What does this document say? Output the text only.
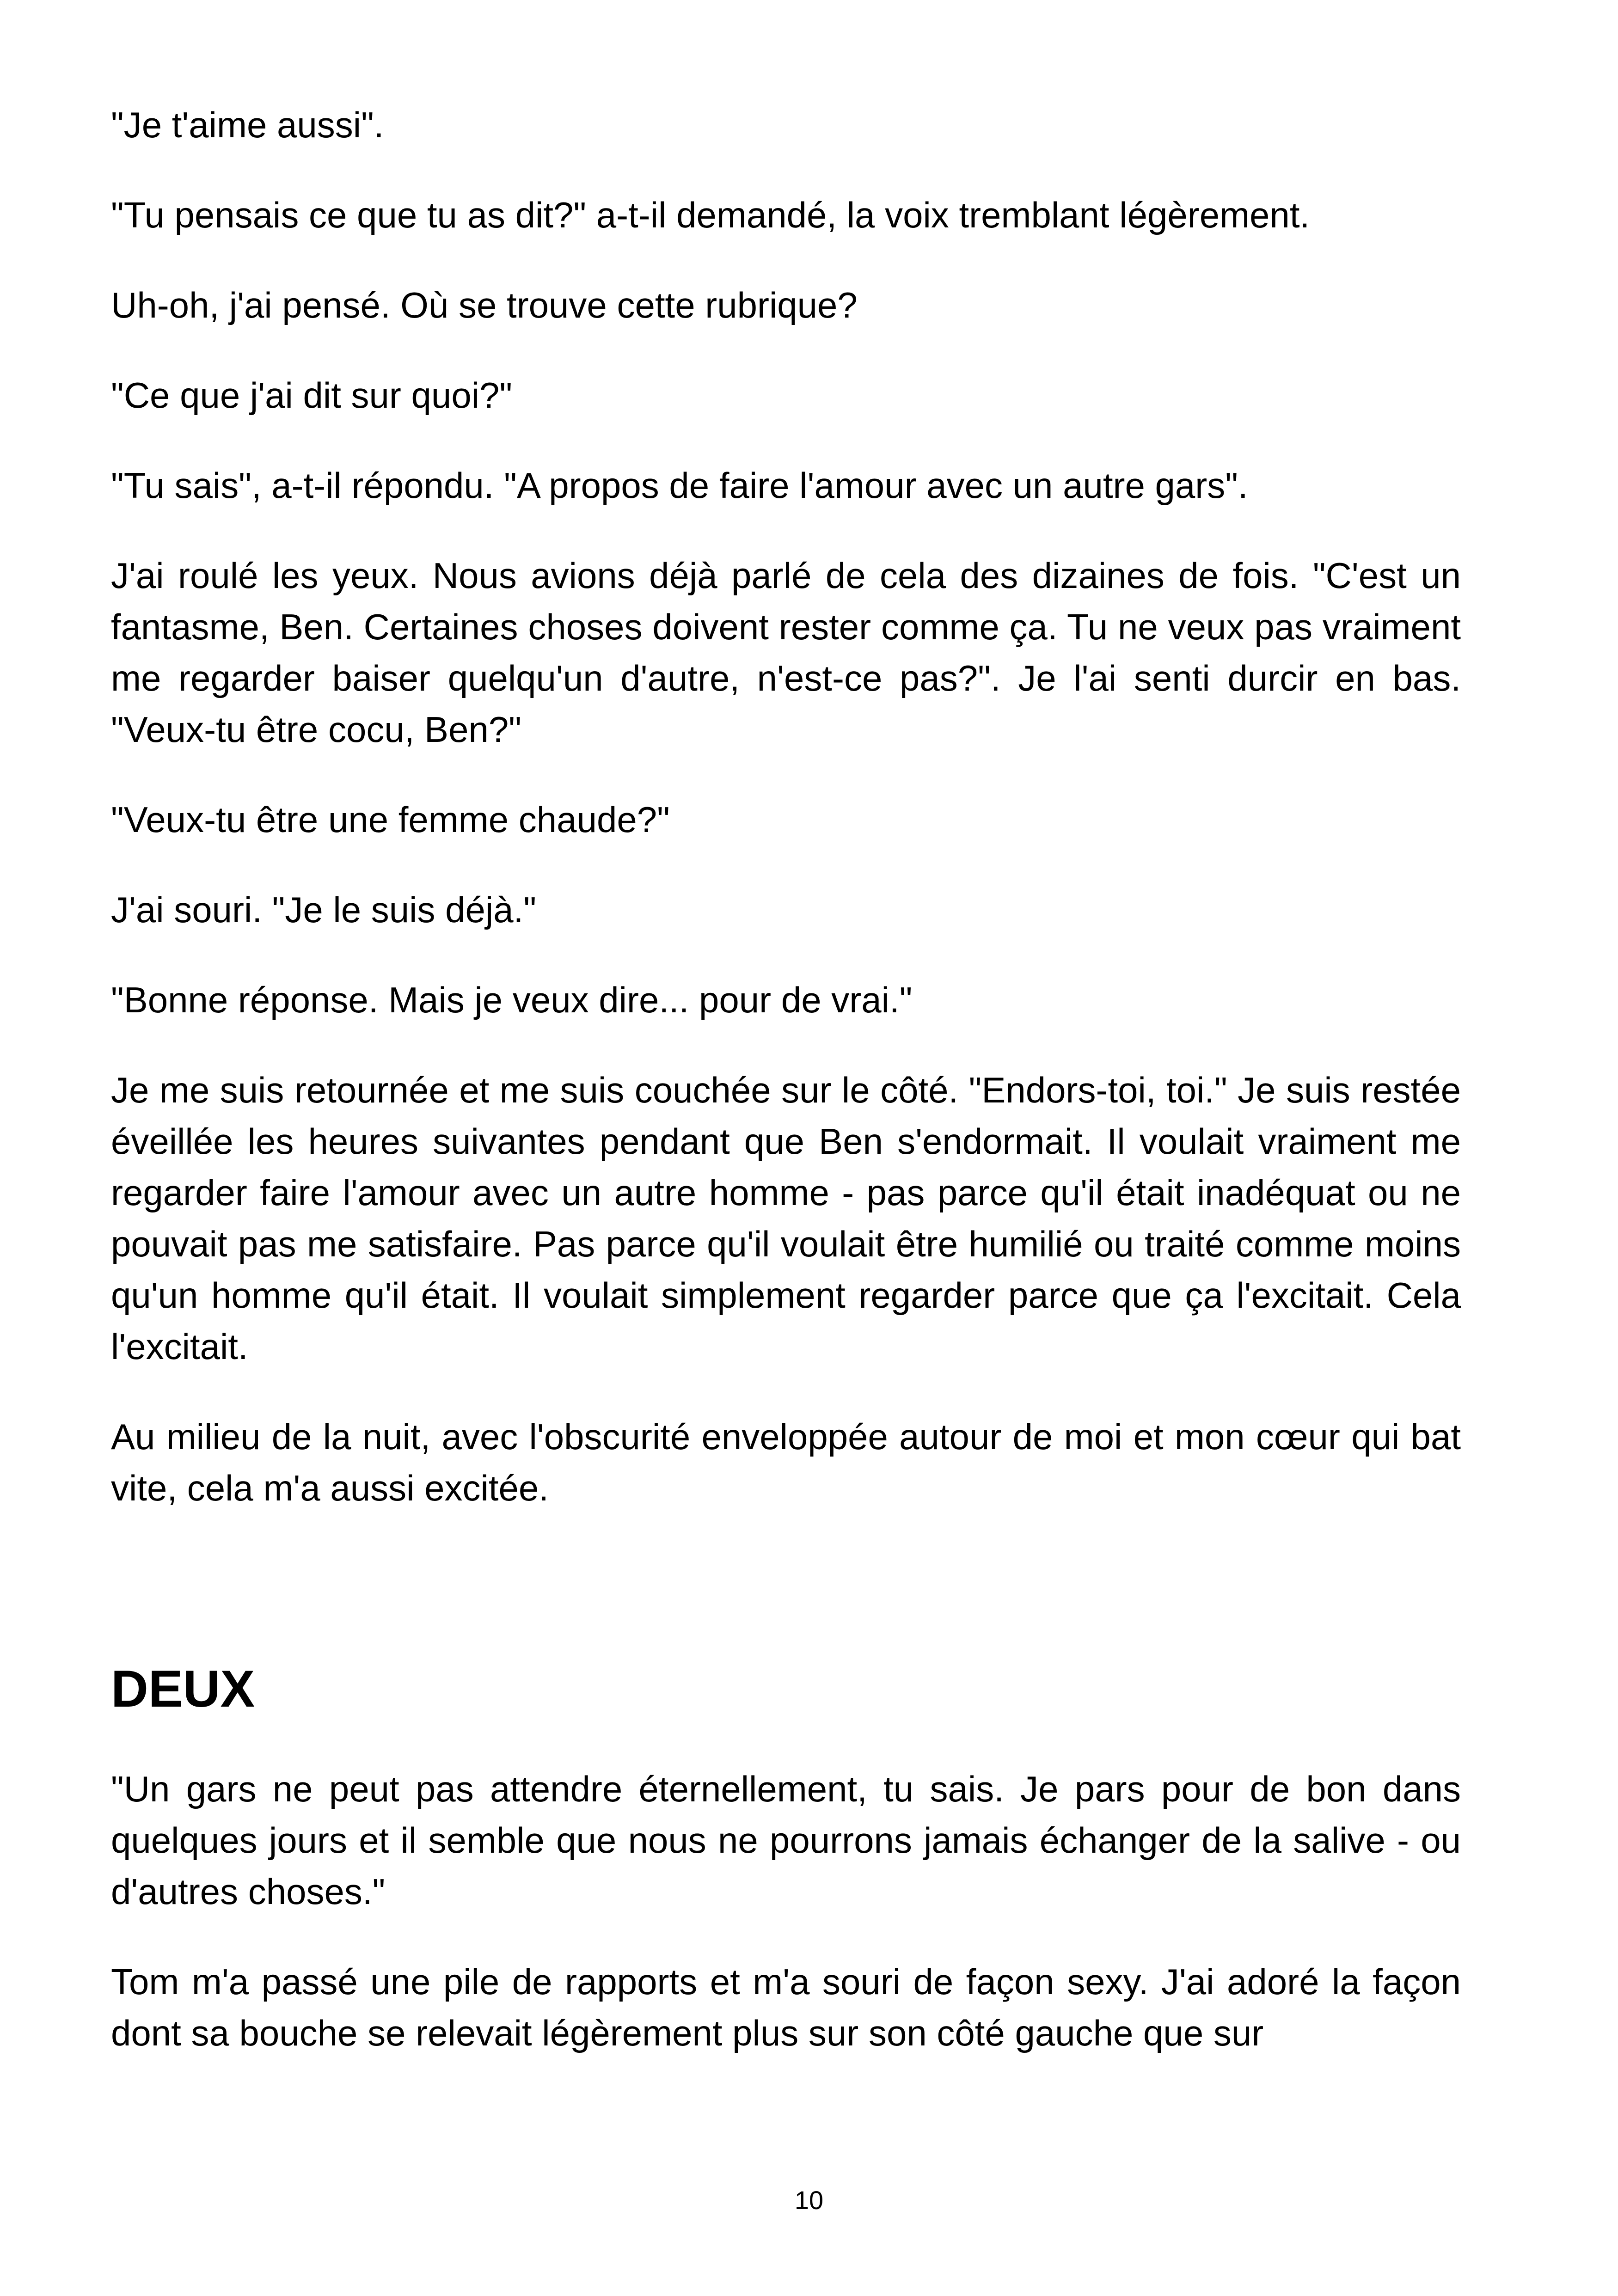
"Je t'aime aussi".

"Tu pensais ce que tu as dit?" a-t-il demandé, la voix tremblant légèrement.

Uh-oh, j'ai pensé. Où se trouve cette rubrique?

"Ce que j'ai dit sur quoi?"

"Tu sais", a-t-il répondu. "A propos de faire l'amour avec un autre gars".

J'ai roulé les yeux. Nous avions déjà parlé de cela des dizaines de fois. "C'est un fantasme, Ben. Certaines choses doivent rester comme ça. Tu ne veux pas vraiment me regarder baiser quelqu'un d'autre, n'est-ce pas?". Je l'ai senti durcir en bas. "Veux-tu être cocu, Ben?"

"Veux-tu être une femme chaude?"

J'ai souri. "Je le suis déjà."

"Bonne réponse. Mais je veux dire... pour de vrai."

Je me suis retournée et me suis couchée sur le côté. "Endors-toi, toi." Je suis restée éveillée les heures suivantes pendant que Ben s'endormait. Il voulait vraiment me regarder faire l'amour avec un autre homme - pas parce qu'il était inadéquat ou ne pouvait pas me satisfaire. Pas parce qu'il voulait être humilié ou traité comme moins qu'un homme qu'il était. Il voulait simplement regarder parce que ça l'excitait. Cela l'excitait.

Au milieu de la nuit, avec l'obscurité enveloppée autour de moi et mon cœur qui bat vite, cela m'a aussi excitée.

DEUX

"Un gars ne peut pas attendre éternellement, tu sais. Je pars pour de bon dans quelques jours et il semble que nous ne pourrons jamais échanger de la salive - ou d'autres choses."

Tom m'a passé une pile de rapports et m'a souri de façon sexy. J'ai adoré la façon dont sa bouche se relevait légèrement plus sur son côté gauche que sur

10
